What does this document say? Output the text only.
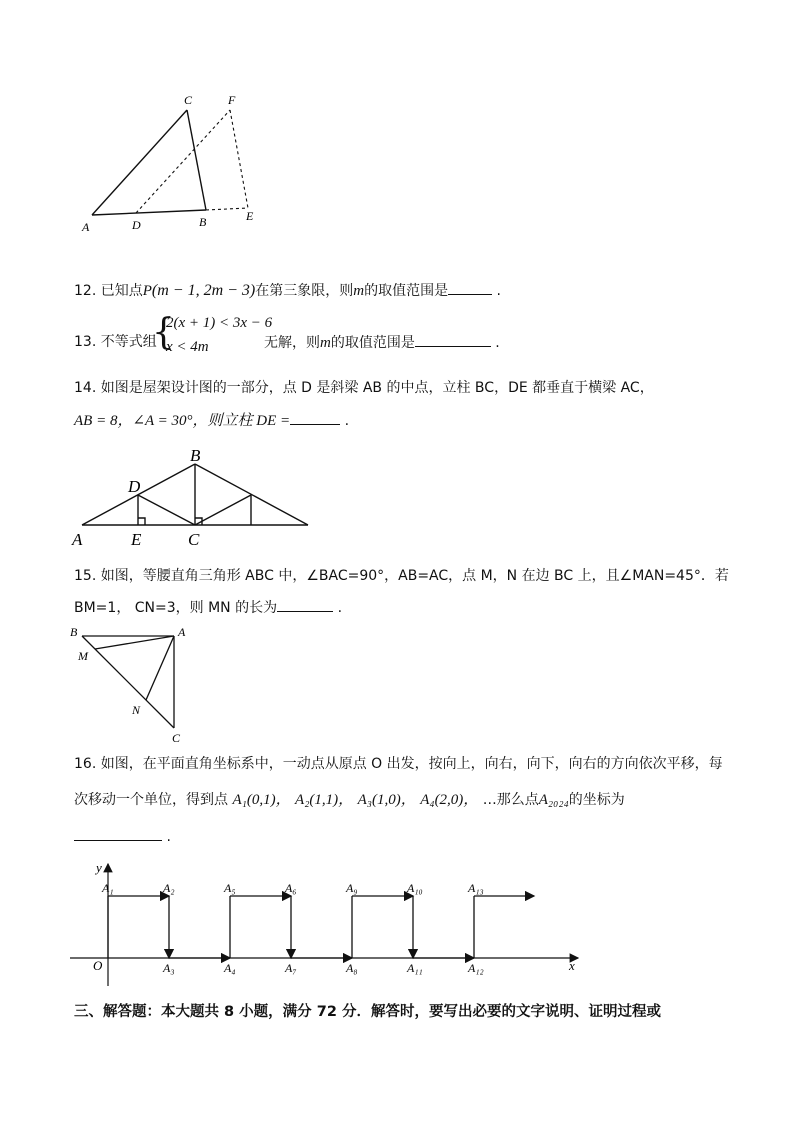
A	D	B	E
C	F
12. 已知点P(m − 1, 2m − 3)在第三象限，则m的取值范围是	.
13. 不等式组
{
2(x + 1) < 3x − 6
x < 4m	无解，则m的取值范围是	.
14. 如图是屋架设计图的一部分，点 D 是斜梁 AB 的中点，立柱 BC，DE 都垂直于横梁 AC，
AB = 8，∠A = 30°，则立柱 DE =	.
A	E	C
D
B
15. 如图，等腰直角三角形 ABC 中，∠BAC=90°，AB=AC，点 M，N 在边 BC 上，且∠MAN=45°．若
BM=1， CN=3，则 MN 的长为	.
B	A
M
N
C
16. 如图，在平面直角坐标系中，一动点从原点 O 出发，按向上，向右，向下，向右的方向依次平移，每
次移动一个单位，得到点 A₁(0,1)， A₂(1,1)， A₃(1,0)， A₄(2,0)， …那么点A₂₀₂₄的坐标为
.
A₁	A₂
A₃	A₄
A₅	A₆
A₇	A₈
A₉	A₁₀
A₁₁	A₁₂
A₁₃
y
x
O
三、解答题：本大题共 8 小题，满分 72 分．解答时，要写出必要的文字说明、证明过程或
